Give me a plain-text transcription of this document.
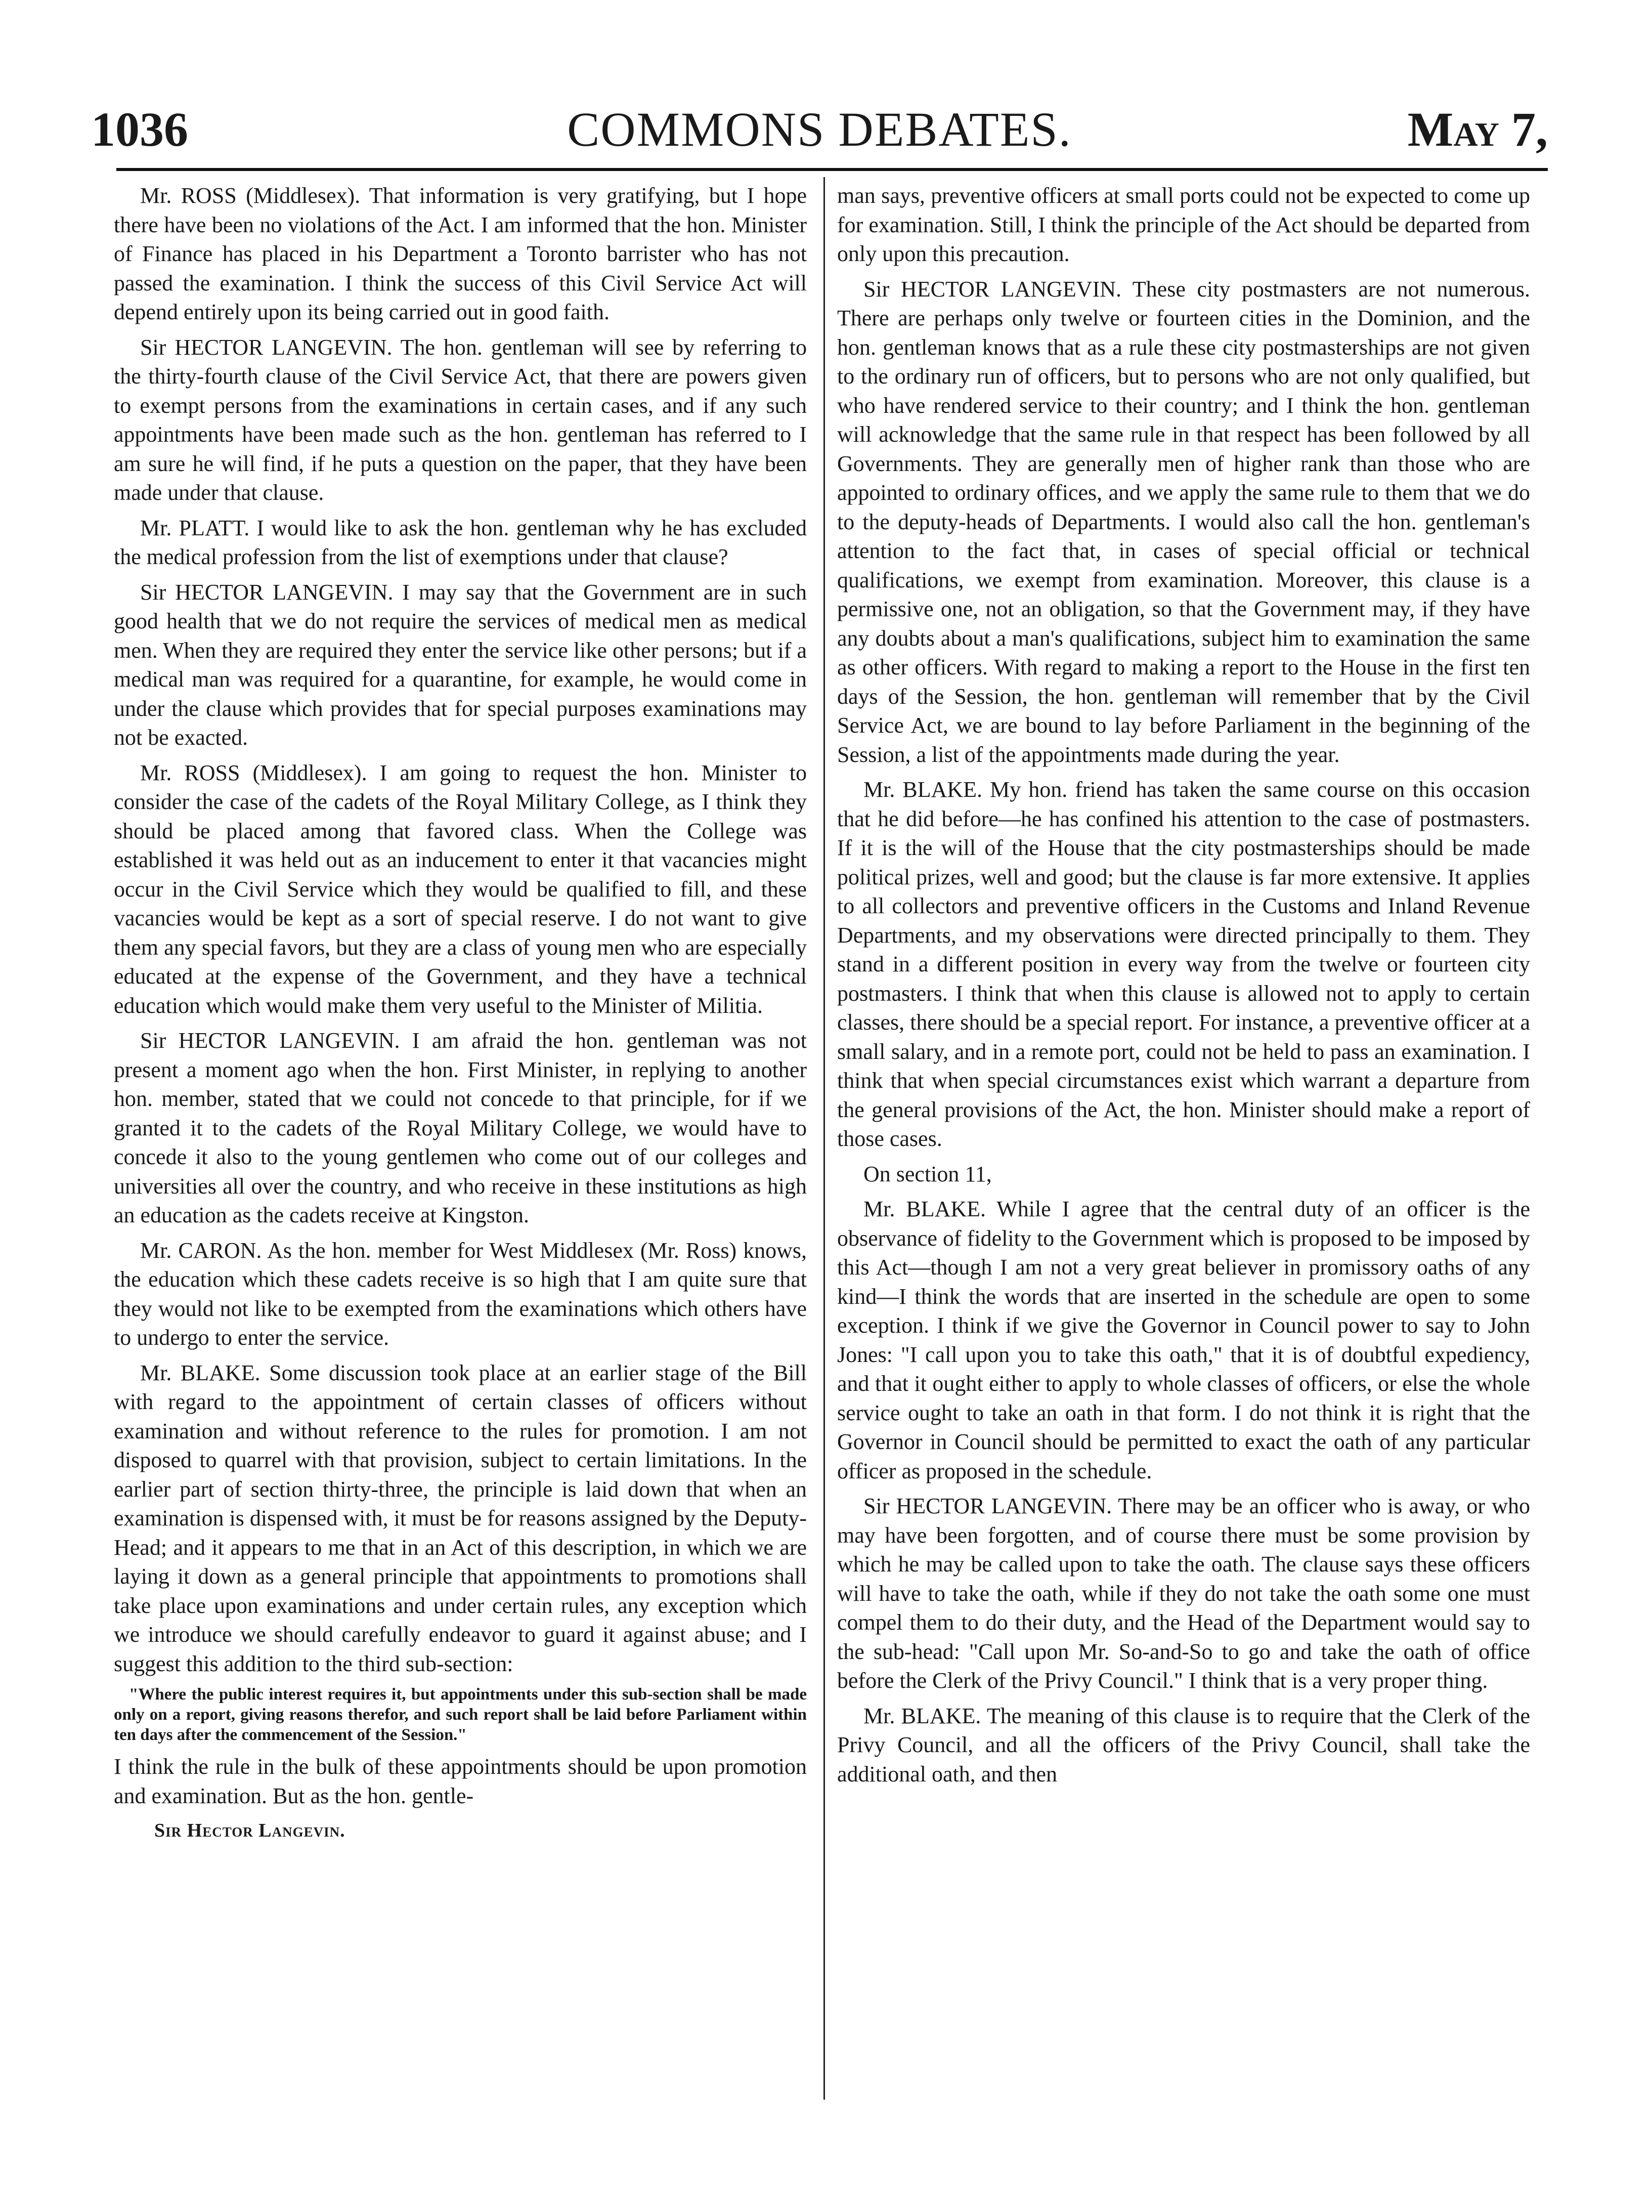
1036	COMMONS DEBATES.	May 7,

Mr. ROSS (Middlesex). That information is very gratifying, but I hope there have been no violations of the Act. I am informed that the hon. Minister of Finance has placed in his Department a Toronto barrister who has not passed the examination. I think the success of this Civil Service Act will depend entirely upon its being carried out in good faith.

Sir HECTOR LANGEVIN. The hon. gentleman will see by referring to the thirty-fourth clause of the Civil Service Act, that there are powers given to exempt persons from the examinations in certain cases, and if any such appointments have been made such as the hon. gentleman has referred to I am sure he will find, if he puts a question on the paper, that they have been made under that clause.

Mr. PLATT. I would like to ask the hon. gentleman why he has excluded the medical profession from the list of exemptions under that clause?

Sir HECTOR LANGEVIN. I may say that the Government are in such good health that we do not require the services of medical men as medical men. When they are required they enter the service like other persons; but if a medical man was required for a quarantine, for example, he would come in under the clause which provides that for special purposes examinations may not be exacted.

Mr. ROSS (Middlesex). I am going to request the hon. Minister to consider the case of the cadets of the Royal Military College, as I think they should be placed among that favored class. When the College was established it was held out as an inducement to enter it that vacancies might occur in the Civil Service which they would be qualified to fill, and these vacancies would be kept as a sort of special reserve. I do not want to give them any special favors, but they are a class of young men who are especially educated at the expense of the Government, and they have a technical education which would make them very useful to the Minister of Militia.

Sir HECTOR LANGEVIN. I am afraid the hon. gentleman was not present a moment ago when the hon. First Minister, in replying to another hon. member, stated that we could not concede to that principle, for if we granted it to the cadets of the Royal Military College, we would have to concede it also to the young gentlemen who come out of our colleges and universities all over the country, and who receive in these institutions as high an education as the cadets receive at Kingston.

Mr. CARON. As the hon. member for West Middlesex (Mr. Ross) knows, the education which these cadets receive is so high that I am quite sure that they would not like to be exempted from the examinations which others have to undergo to enter the service.

Mr. BLAKE. Some discussion took place at an earlier stage of the Bill with regard to the appointment of certain classes of officers without examination and without reference to the rules for promotion. I am not disposed to quarrel with that provision, subject to certain limitations. In the earlier part of section thirty-three, the principle is laid down that when an examination is dispensed with, it must be for reasons assigned by the Deputy-Head; and it appears to me that in an Act of this description, in which we are laying it down as a general principle that appointments to promotions shall take place upon examinations and under certain rules, any exception which we introduce we should carefully endeavor to guard it against abuse; and I suggest this addition to the third sub-section:

"Where the public interest requires it, but appointments under this sub-section shall be made only on a report, giving reasons therefor, and such report shall be laid before Parliament within ten days after the commencement of the Session."

I think the rule in the bulk of these appointments should be upon promotion and examination. But as the hon. gentle-

Sir Hector Langevin.

man says, preventive officers at small ports could not be expected to come up for examination. Still, I think the principle of the Act should be departed from only upon this precaution.

Sir HECTOR LANGEVIN. These city postmasters are not numerous. There are perhaps only twelve or fourteen cities in the Dominion, and the hon. gentleman knows that as a rule these city postmasterships are not given to the ordinary run of officers, but to persons who are not only qualified, but who have rendered service to their country; and I think the hon. gentleman will acknowledge that the same rule in that respect has been followed by all Governments. They are generally men of higher rank than those who are appointed to ordinary offices, and we apply the same rule to them that we do to the deputy-heads of Departments. I would also call the hon. gentleman's attention to the fact that, in cases of special official or technical qualifications, we exempt from examination. Moreover, this clause is a permissive one, not an obligation, so that the Government may, if they have any doubts about a man's qualifications, subject him to examination the same as other officers. With regard to making a report to the House in the first ten days of the Session, the hon. gentleman will remember that by the Civil Service Act, we are bound to lay before Parliament in the beginning of the Session, a list of the appointments made during the year.

Mr. BLAKE. My hon. friend has taken the same course on this occasion that he did before—he has confined his attention to the case of postmasters. If it is the will of the House that the city postmasterships should be made political prizes, well and good; but the clause is far more extensive. It applies to all collectors and preventive officers in the Customs and Inland Revenue Departments, and my observations were directed principally to them. They stand in a different position in every way from the twelve or fourteen city postmasters. I think that when this clause is allowed not to apply to certain classes, there should be a special report. For instance, a preventive officer at a small salary, and in a remote port, could not be held to pass an examination. I think that when special circumstances exist which warrant a departure from the general provisions of the Act, the hon. Minister should make a report of those cases.

On section 11,

Mr. BLAKE. While I agree that the central duty of an officer is the observance of fidelity to the Government which is proposed to be imposed by this Act—though I am not a very great believer in promissory oaths of any kind—I think the words that are inserted in the schedule are open to some exception. I think if we give the Governor in Council power to say to John Jones: "I call upon you to take this oath," that it is of doubtful expediency, and that it ought either to apply to whole classes of officers, or else the whole service ought to take an oath in that form. I do not think it is right that the Governor in Council should be permitted to exact the oath of any particular officer as proposed in the schedule.

Sir HECTOR LANGEVIN. There may be an officer who is away, or who may have been forgotten, and of course there must be some provision by which he may be called upon to take the oath. The clause says these officers will have to take the oath, while if they do not take the oath some one must compel them to do their duty, and the Head of the Department would say to the sub-head: "Call upon Mr. So-and-So to go and take the oath of office before the Clerk of the Privy Council." I think that is a very proper thing.

Mr. BLAKE. The meaning of this clause is to require that the Clerk of the Privy Council, and all the officers of the Privy Council, shall take the additional oath, and then
